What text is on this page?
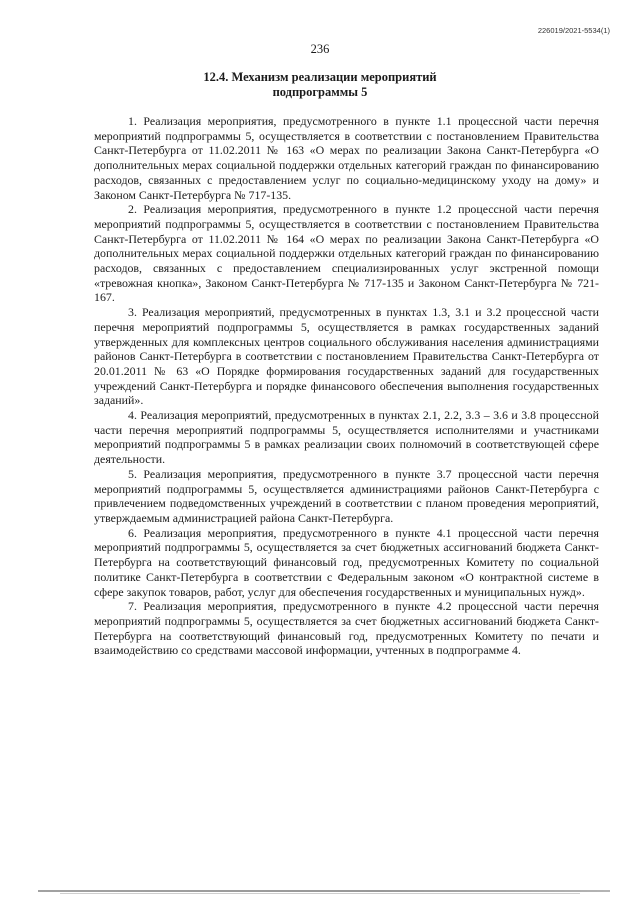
226019/2021-5534(1)
236
12.4. Механизм реализации мероприятий
подпрограммы 5

1. Реализация мероприятия, предусмотренного в пункте 1.1 процессной части перечня мероприятий подпрограммы 5, осуществляется в соответствии с постановлением Правительства Санкт-Петербурга от 11.02.2011 № 163 «О мерах по реализации Закона Санкт-Петербурга «О дополнительных мерах социальной поддержки отдельных категорий граждан по финансированию расходов, связанных с предоставлением услуг по социально-медицинскому уходу на дому» и Законом Санкт-Петербурга № 717-135.

2. Реализация мероприятия, предусмотренного в пункте 1.2 процессной части перечня мероприятий подпрограммы 5, осуществляется в соответствии с постановлением Правительства Санкт-Петербурга от 11.02.2011 № 164 «О мерах по реализации Закона Санкт-Петербурга «О дополнительных мерах социальной поддержки отдельных категорий граждан по финансированию расходов, связанных с предоставлением специализированных услуг экстренной помощи «тревожная кнопка», Законом Санкт-Петербурга № 717-135 и Законом Санкт-Петербурга № 721-167.

3. Реализация мероприятий, предусмотренных в пунктах 1.3, 3.1 и 3.2 процессной части перечня мероприятий подпрограммы 5, осуществляется в рамках государственных заданий утвержденных для комплексных центров социального обслуживания населения администрациями районов Санкт-Петербурга в соответствии с постановлением Правительства Санкт-Петербурга от 20.01.2011 № 63 «О Порядке формирования государственных заданий для государственных учреждений Санкт-Петербурга и порядке финансового обеспечения выполнения государственных заданий».

4. Реализация мероприятий, предусмотренных в пунктах 2.1, 2.2, 3.3 – 3.6 и 3.8 процессной части перечня мероприятий подпрограммы 5, осуществляется исполнителями и участниками мероприятий подпрограммы 5 в рамках реализации своих полномочий в соответствующей сфере деятельности.

5. Реализация мероприятия, предусмотренного в пункте 3.7 процессной части перечня мероприятий подпрограммы 5, осуществляется администрациями районов Санкт-Петербурга с привлечением подведомственных учреждений в соответствии с планом проведения мероприятий, утверждаемым администрацией района Санкт-Петербурга.

6. Реализация мероприятия, предусмотренного в пункте 4.1 процессной части перечня мероприятий подпрограммы 5, осуществляется за счет бюджетных ассигнований бюджета Санкт-Петербурга на соответствующий финансовый год, предусмотренных Комитету по социальной политике Санкт-Петербурга в соответствии с Федеральным законом «О контрактной системе в сфере закупок товаров, работ, услуг для обеспечения государственных и муниципальных нужд».

7. Реализация мероприятия, предусмотренного в пункте 4.2 процессной части перечня мероприятий подпрограммы 5, осуществляется за счет бюджетных ассигнований бюджета Санкт-Петербурга на соответствующий финансовый год, предусмотренных Комитету по печати и взаимодействию со средствами массовой информации, учтенных в подпрограмме 4.
